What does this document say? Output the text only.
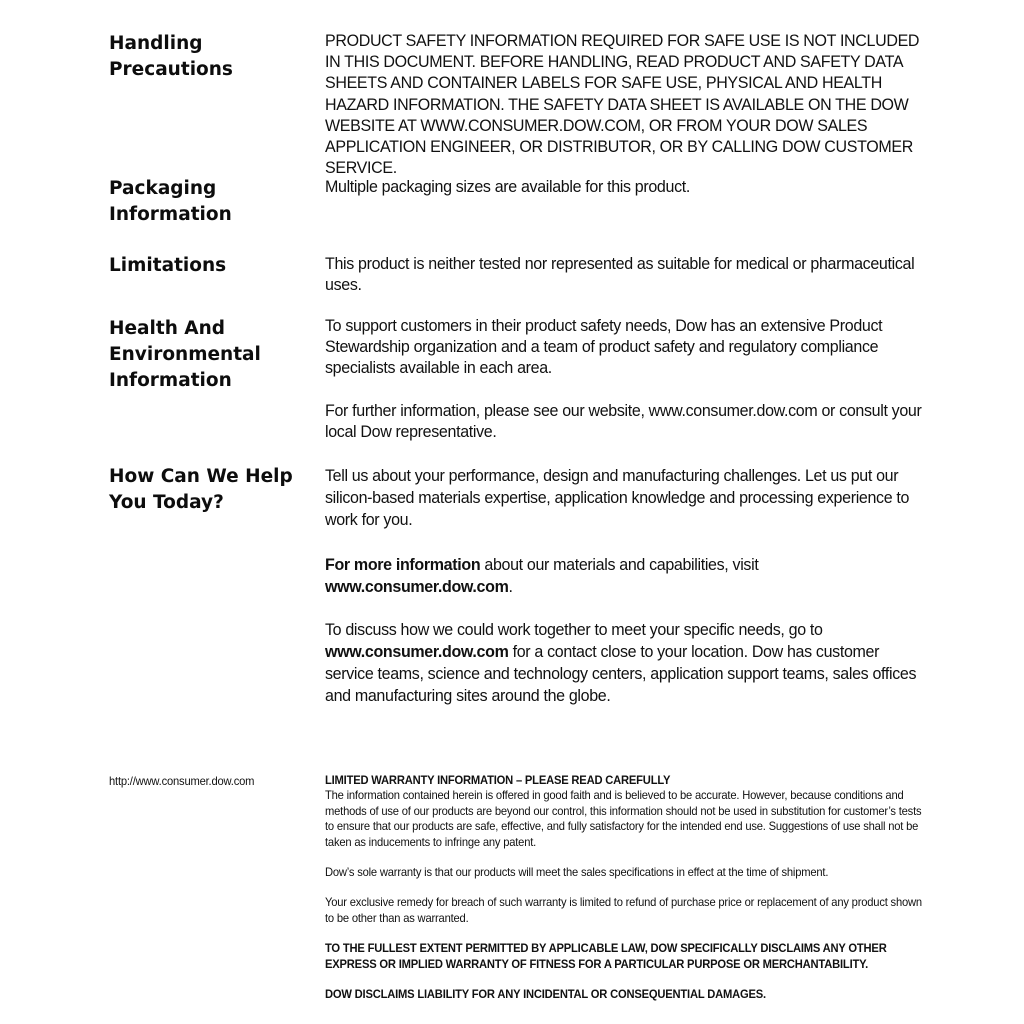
Handling
Precautions

PRODUCT SAFETY INFORMATION REQUIRED FOR SAFE USE IS NOT INCLUDED IN THIS DOCUMENT. BEFORE HANDLING, READ PRODUCT AND SAFETY DATA SHEETS AND CONTAINER LABELS FOR SAFE USE, PHYSICAL AND HEALTH HAZARD INFORMATION. THE SAFETY DATA SHEET IS AVAILABLE ON THE DOW WEBSITE AT WWW.CONSUMER.DOW.COM, OR FROM YOUR DOW SALES APPLICATION ENGINEER, OR DISTRIBUTOR, OR BY CALLING DOW CUSTOMER SERVICE.

Packaging
Information

Multiple packaging sizes are available for this product.

Limitations	This product is neither tested nor represented as suitable for medical or pharmaceutical uses.

Health And
Environmental
Information

To support customers in their product safety needs, Dow has an extensive Product Stewardship organization and a team of product safety and regulatory compliance specialists available in each area.

For further information, please see our website, www.consumer.dow.com or consult your local Dow representative.

How Can We Help
You Today?

Tell us about your performance, design and manufacturing challenges. Let us put our silicon-based materials expertise, application knowledge and processing experience to work for you.

For more information about our materials and capabilities, visit www.consumer.dow.com.

To discuss how we could work together to meet your specific needs, go to www.consumer.dow.com for a contact close to your location. Dow has customer service teams, science and technology centers, application support teams, sales offices and manufacturing sites around the globe.

http://www.consumer.dow.com	LIMITED WARRANTY INFORMATION – PLEASE READ CAREFULLY

The information contained herein is offered in good faith and is believed to be accurate. However, because conditions and methods of use of our products are beyond our control, this information should not be used in substitution for customer’s tests to ensure that our products are safe, effective, and fully satisfactory for the intended end use. Suggestions of use shall not be taken as inducements to infringe any patent.

Dow’s sole warranty is that our products will meet the sales specifications in effect at the time of shipment.

Your exclusive remedy for breach of such warranty is limited to refund of purchase price or replacement of any product shown to be other than as warranted.

TO THE FULLEST EXTENT PERMITTED BY APPLICABLE LAW, DOW SPECIFICALLY DISCLAIMS ANY OTHER EXPRESS OR IMPLIED WARRANTY OF FITNESS FOR A PARTICULAR PURPOSE OR MERCHANTABILITY.

DOW DISCLAIMS LIABILITY FOR ANY INCIDENTAL OR CONSEQUENTIAL DAMAGES.
